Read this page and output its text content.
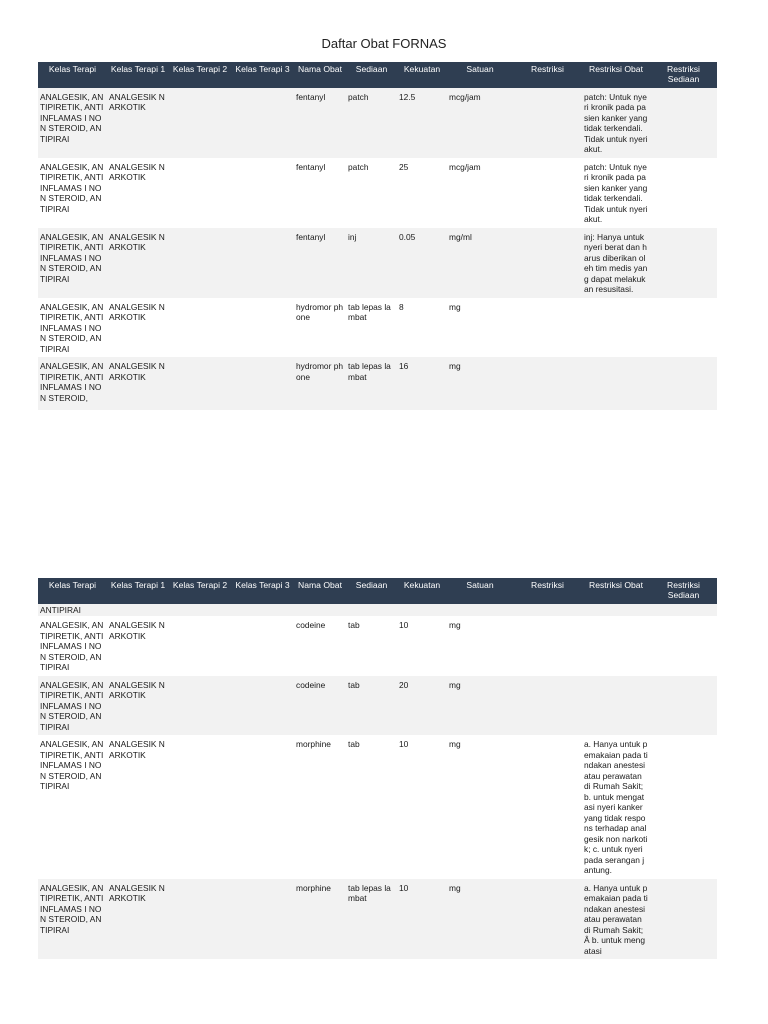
Daftar Obat FORNAS
Kelas Terapi	Kelas Terapi 1	Kelas Terapi 2	Kelas Terapi 3	Nama Obat	Sediaan	Kekuatan	Satuan	Restriksi	Restriksi Obat	Restriksi Sediaan
ANALGESIK, ANTIPIRETIK, ANTIINFLAMAS I NON STEROID, ANTIPIRAI	ANALGESIK NARKOTIK			fentanyl	patch	12.5	mcg/jam		patch: Untuk nyeri kronik pada pasien kanker yang tidak terkendali. Tidak untuk nyeri akut.	
ANALGESIK, ANTIPIRETIK, ANTIINFLAMAS I NON STEROID, ANTIPIRAI	ANALGESIK NARKOTIK			fentanyl	patch	25	mcg/jam		patch: Untuk nyeri kronik pada pasien kanker yang tidak terkendali. Tidak untuk nyeri akut.	
ANALGESIK, ANTIPIRETIK, ANTIINFLAMAS I NON STEROID, ANTIPIRAI	ANALGESIK NARKOTIK			fentanyl	inj	0.05	mg/ml		inj: Hanya untuk nyeri berat dan harus diberikan oleh tim medis yang dapat melakukan resusitasi.	
ANALGESIK, ANTIPIRETIK, ANTIINFLAMAS I NON STEROID, ANTIPIRAI	ANALGESIK NARKOTIK			hydromor phone	tab lepas lambat	8	mg			
ANALGESIK, ANTIPIRETIK, ANTIINFLAMAS I NON STEROID,	ANALGESIK NARKOTIK			hydromor phone	tab lepas lambat	16	mg			
Kelas Terapi	Kelas Terapi 1	Kelas Terapi 2	Kelas Terapi 3	Nama Obat	Sediaan	Kekuatan	Satuan	Restriksi	Restriksi Obat	Restriksi Sediaan
ANTIPIRAI										
ANALGESIK, ANTIPIRETIK, ANTIINFLAMAS I NON STEROID, ANTIPIRAI	ANALGESIK NARKOTIK			codeine	tab	10	mg			
ANALGESIK, ANTIPIRETIK, ANTIINFLAMAS I NON STEROID, ANTIPIRAI	ANALGESIK NARKOTIK			codeine	tab	20	mg			
ANALGESIK, ANTIPIRETIK, ANTIINFLAMAS I NON STEROID, ANTIPIRAI	ANALGESIK NARKOTIK			morphine	tab	10	mg		a. Hanya untuk pemakaian pada tindakan anestesi atau perawatan di Rumah Sakit; b. untuk mengatasi nyeri kanker yang tidak respons terhadap analgesik non narkotik; c. untuk nyeri pada serangan jantung.	
ANALGESIK, ANTIPIRETIK, ANTIINFLAMAS I NON STEROID, ANTIPIRAI	ANALGESIK NARKOTIK			morphine	tab lepas lambat	10	mg		a. Hanya untuk pemakaian pada tindakan anestesi atau perawatan di Rumah Sakit;Â b. untuk mengatasi	
